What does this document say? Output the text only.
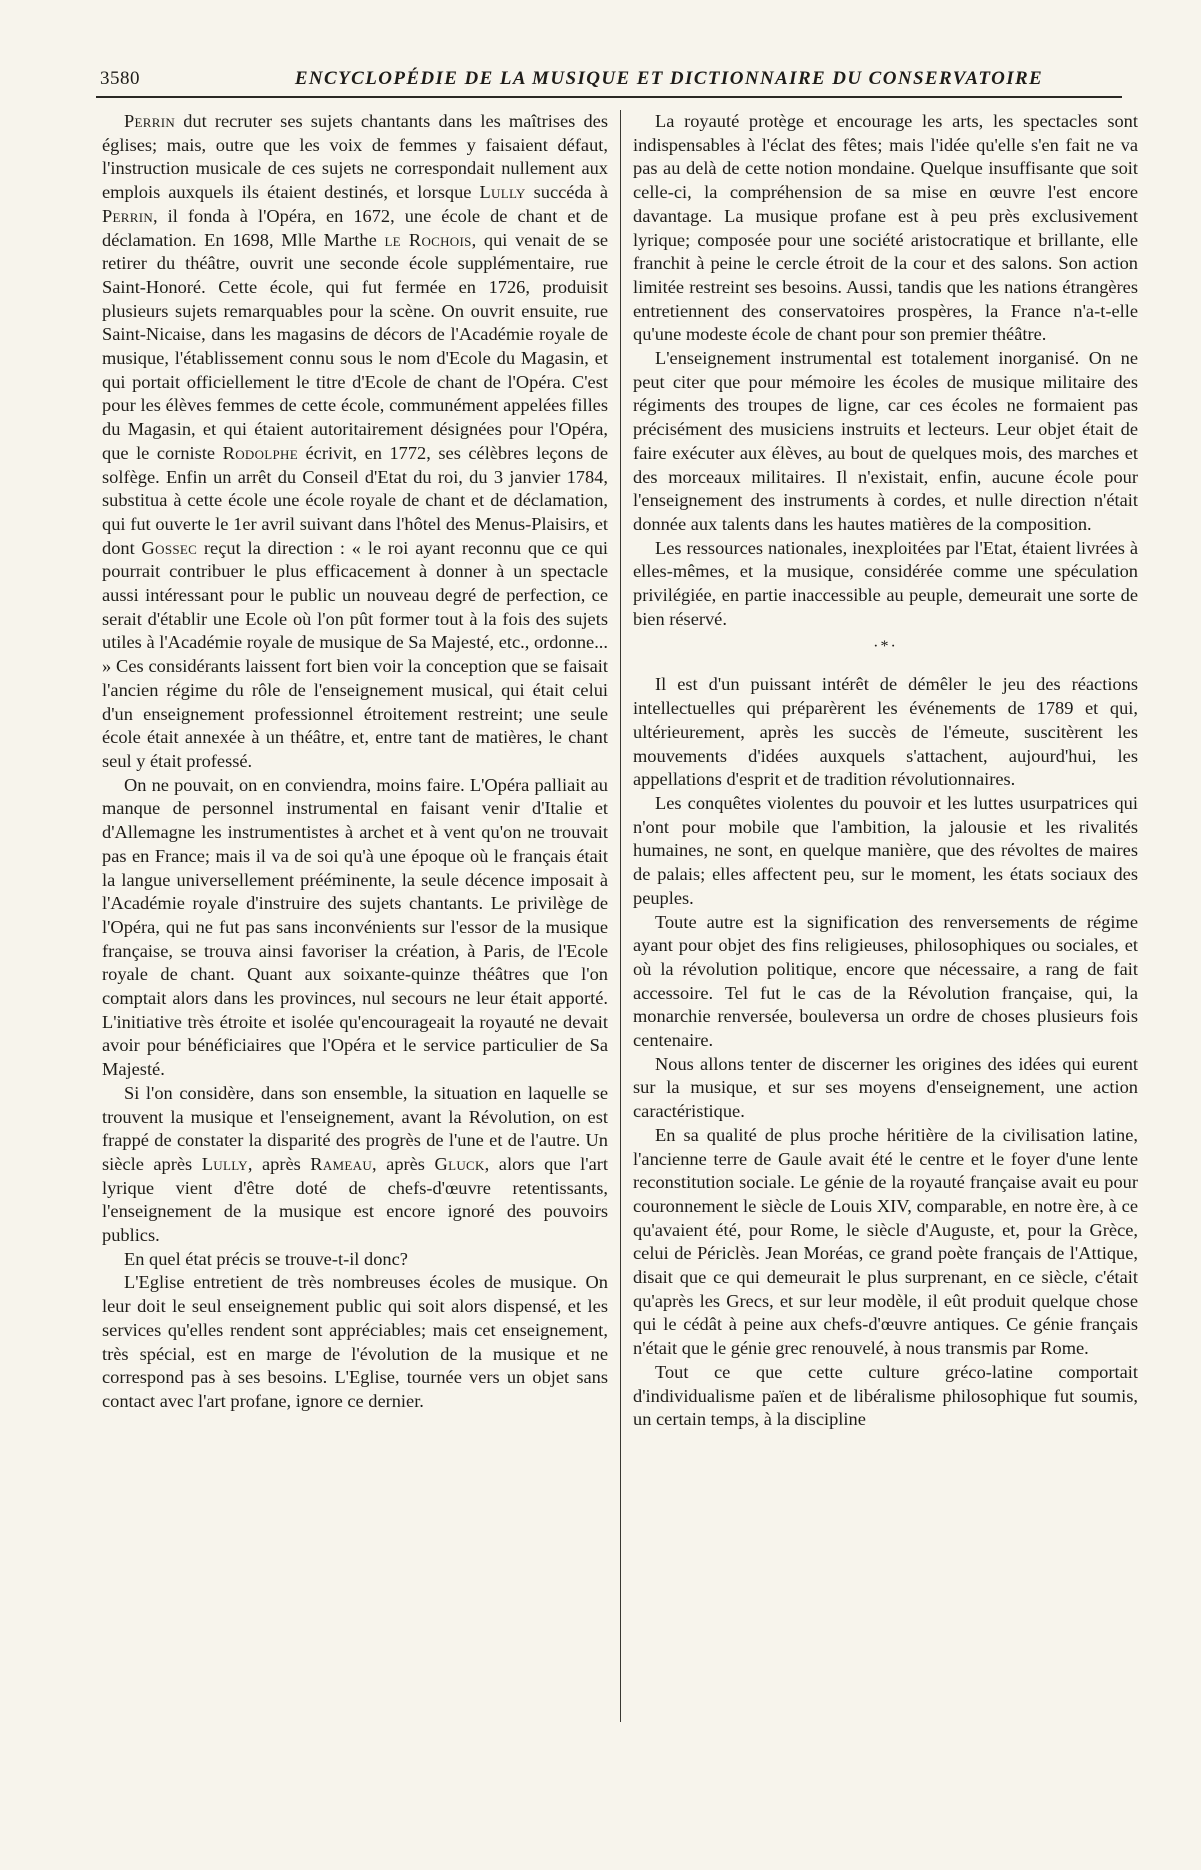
3580	ENCYCLOPÉDIE DE LA MUSIQUE ET DICTIONNAIRE DU CONSERVATOIRE

Perrin dut recruter ses sujets chantants dans les maîtrises des églises; mais, outre que les voix de femmes y faisaient défaut, l'instruction musicale de ces sujets ne correspondait nullement aux emplois auxquels ils étaient destinés, et lorsque Lully succéda à Perrin, il fonda à l'Opéra, en 1672, une école de chant et de déclamation. En 1698, Mlle Marthe le Rochois, qui venait de se retirer du théâtre, ouvrit une seconde école supplémentaire, rue Saint-Honoré. Cette école, qui fut fermée en 1726, produisit plusieurs sujets remarquables pour la scène. On ouvrit ensuite, rue Saint-Nicaise, dans les magasins de décors de l'Académie royale de musique, l'établissement connu sous le nom d'Ecole du Magasin, et qui portait officiellement le titre d'Ecole de chant de l'Opéra. C'est pour les élèves femmes de cette école, communément appelées filles du Magasin, et qui étaient autoritairement désignées pour l'Opéra, que le corniste Rodolphe écrivit, en 1772, ses célèbres leçons de solfège. Enfin un arrêt du Conseil d'Etat du roi, du 3 janvier 1784, substitua à cette école une école royale de chant et de déclamation, qui fut ouverte le 1er avril suivant dans l'hôtel des Menus-Plaisirs, et dont Gossec reçut la direction : « le roi ayant reconnu que ce qui pourrait contribuer le plus efficacement à donner à un spectacle aussi intéressant pour le public un nouveau degré de perfection, ce serait d'établir une Ecole où l'on pût former tout à la fois des sujets utiles à l'Académie royale de musique de Sa Majesté, etc., ordonne... » Ces considérants laissent fort bien voir la conception que se faisait l'ancien régime du rôle de l'enseignement musical, qui était celui d'un enseignement professionnel étroitement restreint; une seule école était annexée à un théâtre, et, entre tant de matières, le chant seul y était professé.

On ne pouvait, on en conviendra, moins faire. L'Opéra palliait au manque de personnel instrumental en faisant venir d'Italie et d'Allemagne les instrumentistes à archet et à vent qu'on ne trouvait pas en France; mais il va de soi qu'à une époque où le français était la langue universellement prééminente, la seule décence imposait à l'Académie royale d'instruire des sujets chantants. Le privilège de l'Opéra, qui ne fut pas sans inconvénients sur l'essor de la musique française, se trouva ainsi favoriser la création, à Paris, de l'Ecole royale de chant. Quant aux soixante-quinze théâtres que l'on comptait alors dans les provinces, nul secours ne leur était apporté. L'initiative très étroite et isolée qu'encourageait la royauté ne devait avoir pour bénéficiaires que l'Opéra et le service particulier de Sa Majesté.

Si l'on considère, dans son ensemble, la situation en laquelle se trouvent la musique et l'enseignement, avant la Révolution, on est frappé de constater la disparité des progrès de l'une et de l'autre. Un siècle après Lully, après Rameau, après Gluck, alors que l'art lyrique vient d'être doté de chefs-d'œuvre retentissants, l'enseignement de la musique est encore ignoré des pouvoirs publics.

En quel état précis se trouve-t-il donc?

L'Eglise entretient de très nombreuses écoles de musique. On leur doit le seul enseignement public qui soit alors dispensé, et les services qu'elles rendent sont appréciables; mais cet enseignement, très spécial, est en marge de l'évolution de la musique et ne correspond pas à ses besoins. L'Eglise, tournée vers un objet sans contact avec l'art profane, ignore ce dernier.

La royauté protège et encourage les arts, les spectacles sont indispensables à l'éclat des fêtes; mais l'idée qu'elle s'en fait ne va pas au delà de cette notion mondaine. Quelque insuffisante que soit celle-ci, la compréhension de sa mise en œuvre l'est encore davantage. La musique profane est à peu près exclusivement lyrique; composée pour une société aristocratique et brillante, elle franchit à peine le cercle étroit de la cour et des salons. Son action limitée restreint ses besoins. Aussi, tandis que les nations étrangères entretiennent des conservatoires prospères, la France n'a-t-elle qu'une modeste école de chant pour son premier théâtre.

L'enseignement instrumental est totalement inorganisé. On ne peut citer que pour mémoire les écoles de musique militaire des régiments des troupes de ligne, car ces écoles ne formaient pas précisément des musiciens instruits et lecteurs. Leur objet était de faire exécuter aux élèves, au bout de quelques mois, des marches et des morceaux militaires. Il n'existait, enfin, aucune école pour l'enseignement des instruments à cordes, et nulle direction n'était donnée aux talents dans les hautes matières de la composition.

Les ressources nationales, inexploitées par l'Etat, étaient livrées à elles-mêmes, et la musique, considérée comme une spéculation privilégiée, en partie inaccessible au peuple, demeurait une sorte de bien réservé.

·*·

Il est d'un puissant intérêt de démêler le jeu des réactions intellectuelles qui préparèrent les événements de 1789 et qui, ultérieurement, après les succès de l'émeute, suscitèrent les mouvements d'idées auxquels s'attachent, aujourd'hui, les appellations d'esprit et de tradition révolutionnaires.

Les conquêtes violentes du pouvoir et les luttes usurpatrices qui n'ont pour mobile que l'ambition, la jalousie et les rivalités humaines, ne sont, en quelque manière, que des révoltes de maires de palais; elles affectent peu, sur le moment, les états sociaux des peuples.

Toute autre est la signification des renversements de régime ayant pour objet des fins religieuses, philosophiques ou sociales, et où la révolution politique, encore que nécessaire, a rang de fait accessoire. Tel fut le cas de la Révolution française, qui, la monarchie renversée, bouleversa un ordre de choses plusieurs fois centenaire.

Nous allons tenter de discerner les origines des idées qui eurent sur la musique, et sur ses moyens d'enseignement, une action caractéristique.

En sa qualité de plus proche héritière de la civilisation latine, l'ancienne terre de Gaule avait été le centre et le foyer d'une lente reconstitution sociale. Le génie de la royauté française avait eu pour couronnement le siècle de Louis XIV, comparable, en notre ère, à ce qu'avaient été, pour Rome, le siècle d'Auguste, et, pour la Grèce, celui de Périclès. Jean Moréas, ce grand poète français de l'Attique, disait que ce qui demeurait le plus surprenant, en ce siècle, c'était qu'après les Grecs, et sur leur modèle, il eût produit quelque chose qui le cédât à peine aux chefs-d'œuvre antiques. Ce génie français n'était que le génie grec renouvelé, à nous transmis par Rome.

Tout ce que cette culture gréco-latine comportait d'individualisme païen et de libéralisme philosophique fut soumis, un certain temps, à la discipline
